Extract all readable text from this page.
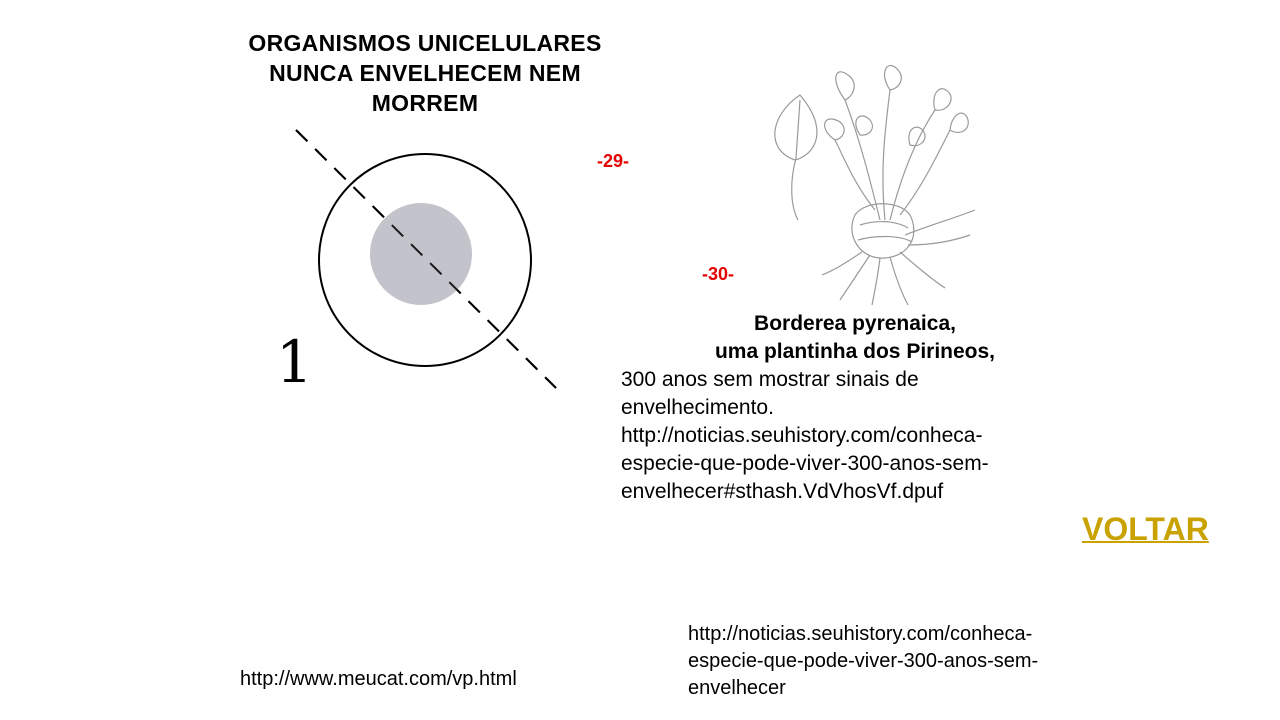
ORGANISMOS UNICELULARES
NUNCA ENVELHECEM NEM
MORREM
1
-29-
-30-
Borderea pyrenaica,
uma plantinha dos Pirineos,
300 anos sem mostrar sinais de
envelhecimento.
http://noticias.seuhistory.com/conheca-
especie-que-pode-viver-300-anos-sem-
envelhecer#sthash.VdVhosVf.dpuf
VOLTAR
http://www.meucat.com/vp.html
http://noticias.seuhistory.com/conheca-
especie-que-pode-viver-300-anos-sem-
envelhecer
